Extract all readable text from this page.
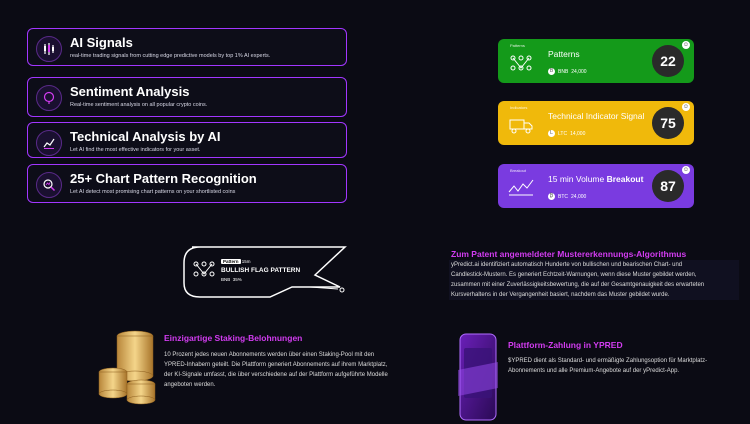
AI Signals
real-time trading signals from cutting edge predictive models by top 1% AI experts.
Sentiment Analysis
Real-time sentiment analysis on all popular crypto coins.
Technical Analysis by AI
Let AI find the most effective indicators for your asset.
25+ Chart Pattern Recognition
Let AI detect most promising chart patterns on your shortlisted coins
Patterns
Patterns
B BNB 24,000
22
☺
Indicators
Technical Indicator Signal
L	LTC 14,000
75
☺
Breakout
15 min Volume Breakout
₿ BTC 24,000
87
☺
Pattern 15m
BULLISH FLAG PATTERN
BNB 35%
Zum Patent angemeldeter Mustererkennungs-Algorithmus
yPredict.ai identifiziert automatisch Hunderte von bullischen und bearischen Chart- und
Candlestick-Mustern. Es generiert Echtzeit-Warnungen, wenn diese Muster gebildet werden,
zusammen mit einer Zuverlässigkeitsbewertung, die auf der Gesamtgenauigkeit des erwarteten
Kursverhaltens in der Vergangenheit basiert, nachdem das Muster gebildet wurde.
Einzigartige Staking-Belohnungen
10 Prozent jedes neuen Abonnements werden über einen Staking-Pool mit den
YPRED-Inhabern geteilt. Die Plattform generiert Abonnements auf ihrem Marktplatz,
der KI-Signale umfasst, die über verschiedene auf der Plattform aufgeführte Modelle
angeboten werden.
Plattform-Zahlung in YPRED
$YPRED dient als Standard- und ermäßigte Zahlungsoption für Marktplatz-
Abonnements und alle Premium-Angebote auf der yPredict-App.
